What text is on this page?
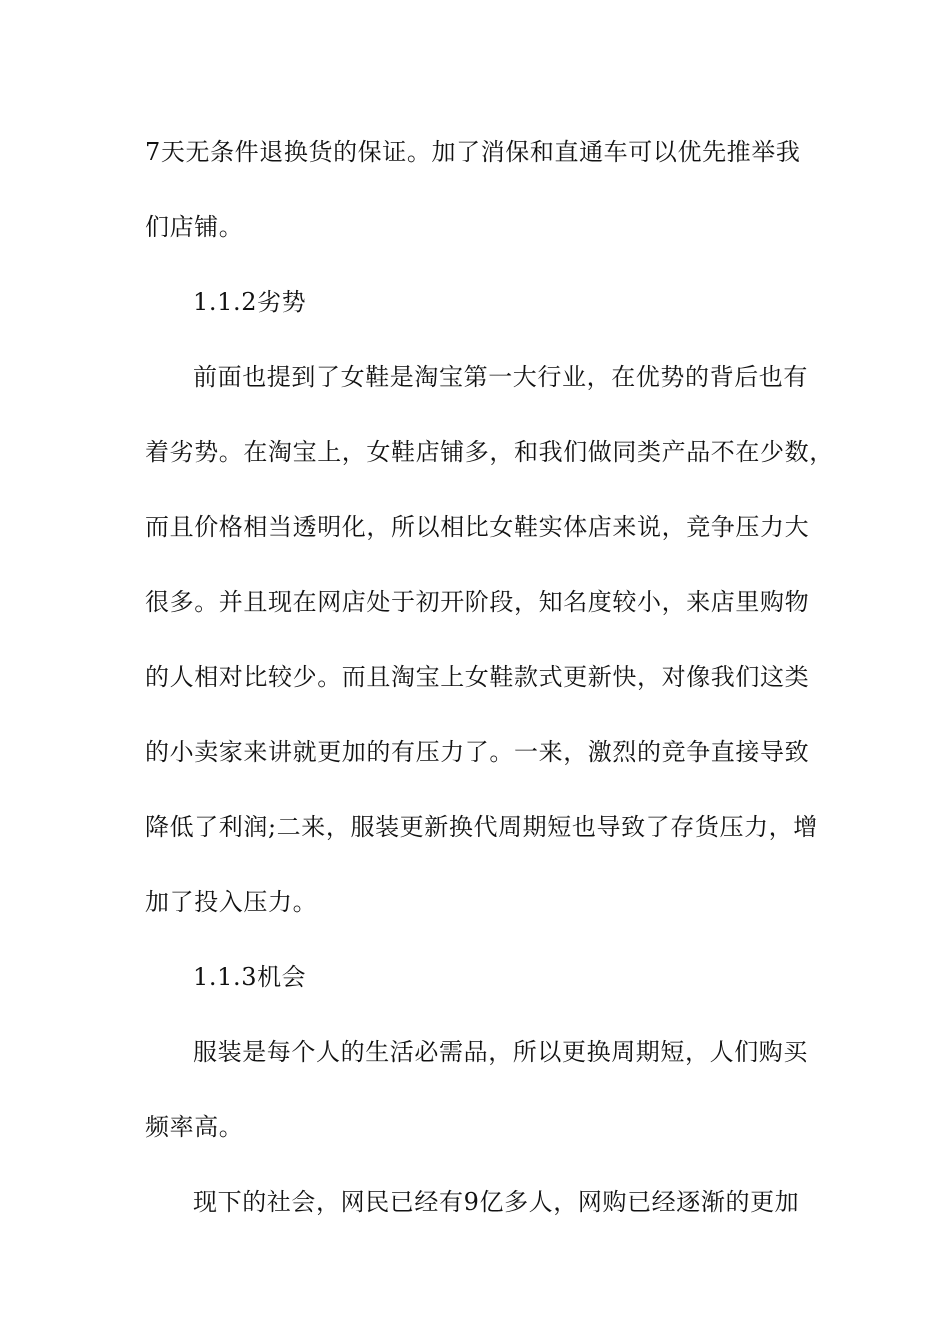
7天无条件退换货的保证。加了消保和直通车可以优先推举我
们店铺。
1.1.2劣势
前面也提到了女鞋是淘宝第一大行业，在优势的背后也有
着劣势。在淘宝上，女鞋店铺多，和我们做同类产品不在少数，
而且价格相当透明化，所以相比女鞋实体店来说，竞争压力大
很多。并且现在网店处于初开阶段，知名度较小，来店里购物
的人相对比较少。而且淘宝上女鞋款式更新快，对像我们这类
的小卖家来讲就更加的有压力了。一来，激烈的竞争直接导致
降低了利润;二来，服装更新换代周期短也导致了存货压力，增
加了投入压力。
1.1.3机会
服装是每个人的生活必需品，所以更换周期短，人们购买
频率高。
现下的社会，网民已经有9亿多人，网购已经逐渐的更加
